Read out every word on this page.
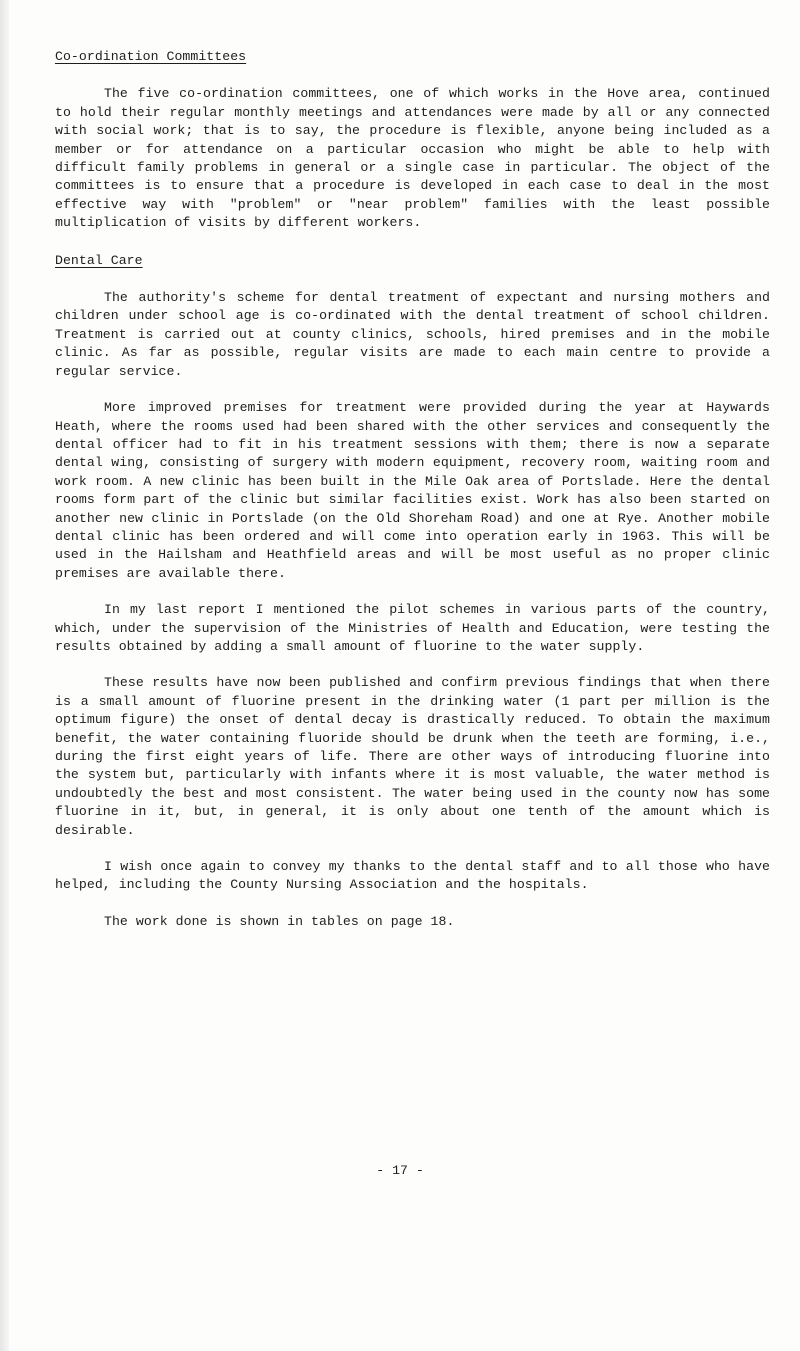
Co-ordination Committees

The five co-ordination committees, one of which works in the Hove area, continued to hold their regular monthly meetings and attendances were made by all or any connected with social work; that is to say, the procedure is flexible, anyone being included as a member or for attendance on a particular occasion who might be able to help with difficult family problems in general or a single case in particular. The object of the committees is to ensure that a procedure is developed in each case to deal in the most effective way with "problem" or "near problem" families with the least possible multiplication of visits by different workers.

Dental Care

The authority's scheme for dental treatment of expectant and nursing mothers and children under school age is co-ordinated with the dental treatment of school children. Treatment is carried out at county clinics, schools, hired premises and in the mobile clinic. As far as possible, regular visits are made to each main centre to provide a regular service.

More improved premises for treatment were provided during the year at Haywards Heath, where the rooms used had been shared with the other services and consequently the dental officer had to fit in his treatment sessions with them; there is now a separate dental wing, consisting of surgery with modern equipment, recovery room, waiting room and work room. A new clinic has been built in the Mile Oak area of Portslade. Here the dental rooms form part of the clinic but similar facilities exist. Work has also been started on another new clinic in Portslade (on the Old Shoreham Road) and one at Rye. Another mobile dental clinic has been ordered and will come into operation early in 1963. This will be used in the Hailsham and Heathfield areas and will be most useful as no proper clinic premises are available there.

In my last report I mentioned the pilot schemes in various parts of the country, which, under the supervision of the Ministries of Health and Education, were testing the results obtained by adding a small amount of fluorine to the water supply.

These results have now been published and confirm previous findings that when there is a small amount of fluorine present in the drinking water (1 part per million is the optimum figure) the onset of dental decay is drastically reduced. To obtain the maximum benefit, the water containing fluoride should be drunk when the teeth are forming, i.e., during the first eight years of life. There are other ways of introducing fluorine into the system but, particularly with infants where it is most valuable, the water method is undoubtedly the best and most consistent. The water being used in the county now has some fluorine in it, but, in general, it is only about one tenth of the amount which is desirable.

I wish once again to convey my thanks to the dental staff and to all those who have helped, including the County Nursing Association and the hospitals.

The work done is shown in tables on page 18.

- 17 -
